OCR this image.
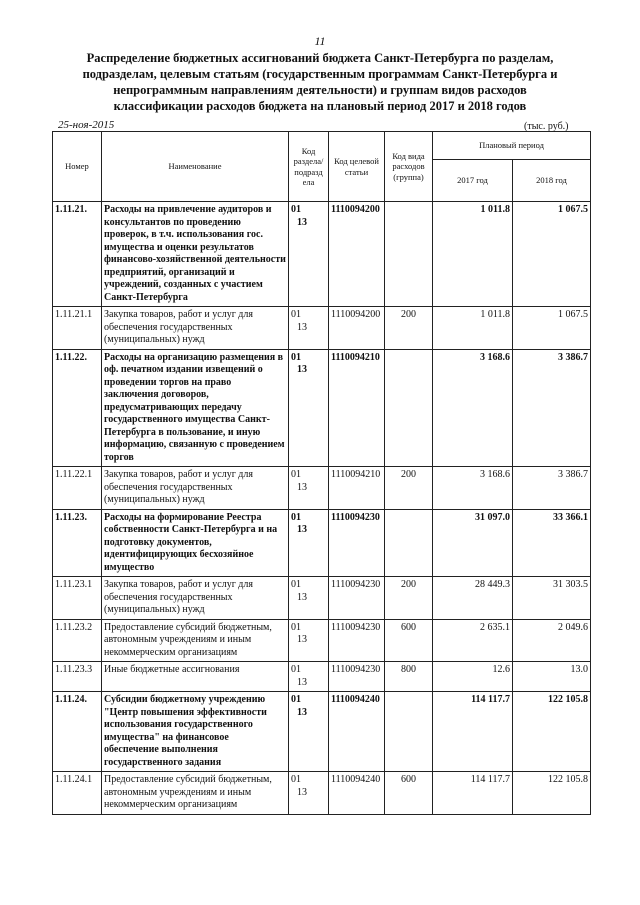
11
Распределение бюджетных ассигнований бюджета Санкт-Петербурга по разделам, подразделам, целевым статьям (государственным программам Санкт-Петербурга и непрограммным направлениям деятельности) и группам видов расходов классификации расходов бюджета на плановый период 2017 и 2018 годов
25-ноя-2015	(тыс. руб.)
Номер	Наименование	Код раздела/ подразд ела	Код целевой статьи	Код вида расходов (группа)	Плановый период	
					2017 год	2018 год
1.11.21.	Расходы на привлечение аудиторов и консультантов по проведению проверок, в т.ч. использования гос. имущества и оценки результатов финансово-хозяйственной деятельности предприятий, организаций и учреждений, созданных с участием Санкт-Петербурга	0113	1110094200		1 011.8	1 067.5
1.11.21.1	Закупка товаров, работ и услуг для обеспечения государственных (муниципальных) нужд	0113	1110094200	200	1 011.8	1 067.5
1.11.22.	Расходы на организацию размещения в оф. печатном издании извещений о проведении торгов на право заключения договоров, предусматривающих передачу государственного имущества Санкт-Петербурга в пользование, и иную информацию, связанную с проведением торгов	0113	1110094210		3 168.6	3 386.7
1.11.22.1	Закупка товаров, работ и услуг для обеспечения государственных (муниципальных) нужд	0113	1110094210	200	3 168.6	3 386.7
1.11.23.	Расходы на формирование Реестра собственности Санкт-Петербурга и на подготовку документов, идентифицирующих бесхозяйное имущество	0113	1110094230		31 097.0	33 366.1
1.11.23.1	Закупка товаров, работ и услуг для обеспечения государственных (муниципальных) нужд	0113	1110094230	200	28 449.3	31 303.5
1.11.23.2	Предоставление субсидий бюджетным, автономным учреждениям и иным некоммерческим организациям	0113	1110094230	600	2 635.1	2 049.6
1.11.23.3	Иные бюджетные ассигнования	0113	1110094230	800	12.6	13.0
1.11.24.	Субсидии бюджетному учреждению "Центр повышения эффективности использования государственного имущества" на финансовое обеспечение выполнения государственного задания	0113	1110094240		114 117.7	122 105.8
1.11.24.1	Предоставление субсидий бюджетным, автономным учреждениям и иным некоммерческим организациям	0113	1110094240	600	114 117.7	122 105.8
